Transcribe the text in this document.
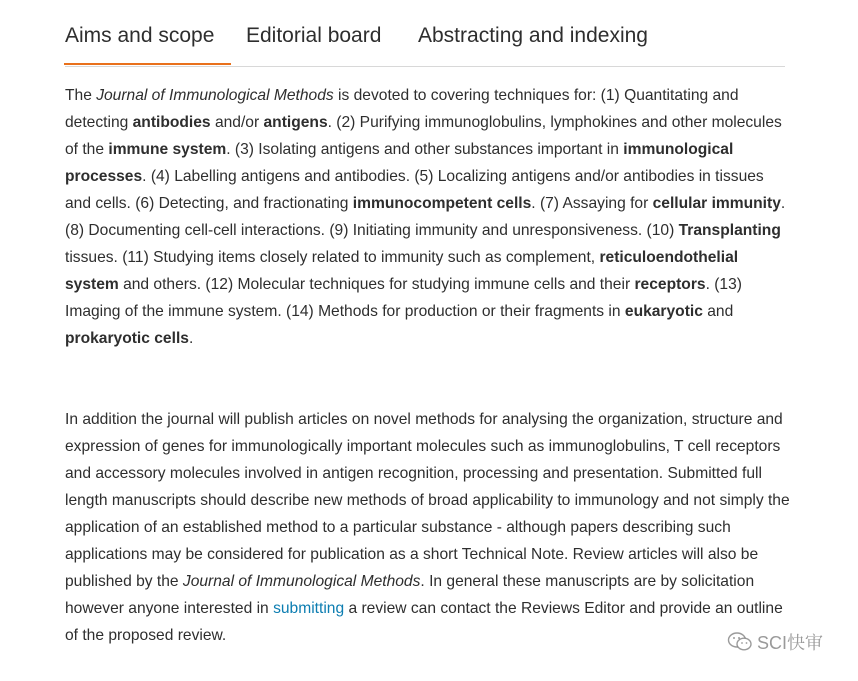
Aims and scope Editorial board Abstracting and indexing

The Journal of Immunological Methods is devoted to covering techniques for: (1) Quantitating and detecting antibodies and/or antigens. (2) Purifying immunoglobulins, lymphokines and other molecules of the immune system. (3) Isolating antigens and other substances important in immunological processes. (4) Labelling antigens and antibodies. (5) Localizing antigens and/or antibodies in tissues and cells. (6) Detecting, and fractionating immunocompetent cells. (7) Assaying for cellular immunity. (8) Documenting cell-cell interactions. (9) Initiating immunity and unresponsiveness. (10) Transplanting tissues. (11) Studying items closely related to immunity such as complement, reticuloendothelial system and others. (12) Molecular techniques for studying immune cells and their receptors. (13) Imaging of the immune system. (14) Methods for production or their fragments in eukaryotic and prokaryotic cells.

In addition the journal will publish articles on novel methods for analysing the organization, structure and expression of genes for immunologically important molecules such as immunoglobulins, T cell receptors and accessory molecules involved in antigen recognition, processing and presentation. Submitted full length manuscripts should describe new methods of broad applicability to immunology and not simply the application of an established method to a particular substance - although papers describing such applications may be considered for publication as a short Technical Note. Review articles will also be published by the Journal of Immunological Methods. In general these manuscripts are by solicitation however anyone interested in submitting a review can contact the Reviews Editor and provide an outline of the proposed review.	SCI快审
